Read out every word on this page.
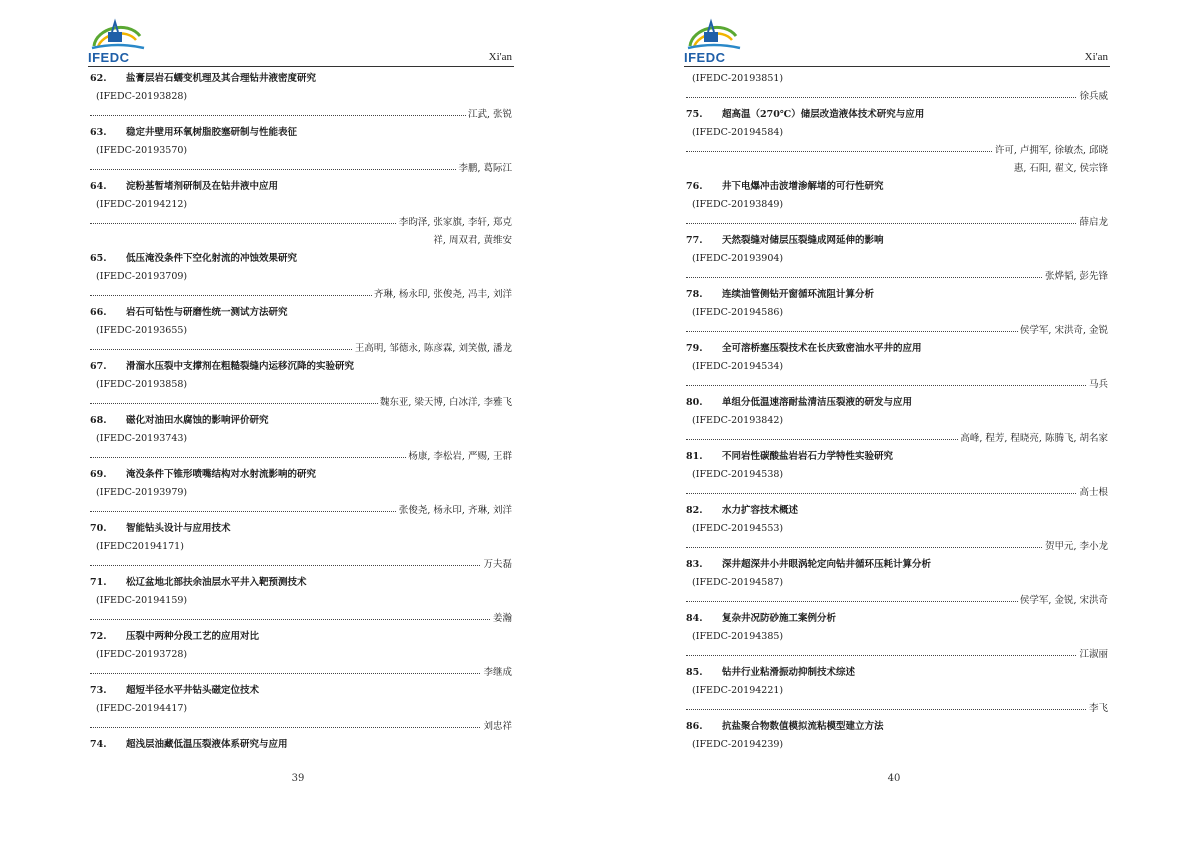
IFEDC	Xi'an
62. 盐膏层岩石蠕变机理及其合理钻井液密度研究
(IFEDC-20193828)
江武, 张锐
63. 稳定井壁用环氧树脂胶塞研制与性能表征
(IFEDC-20193570)
李鹏, 葛际江
64. 淀粉基暂堵剂研制及在钻井液中应用
(IFEDC-20194212)
李昀泽, 张家旗, 李轩, 郑克
祥, 周双君, 黄维安
65. 低压淹没条件下空化射流的冲蚀效果研究
(IFEDC-20193709)
齐琳, 杨永印, 张俊尧, 冯丰, 刘洋
66. 岩石可钻性与研磨性统一测试方法研究
(IFEDC-20193655)
王高明, 邹德永, 陈彦霖, 刘笑傲, 潘龙
67. 滑溜水压裂中支撑剂在粗糙裂缝内运移沉降的实验研究
(IFEDC-20193858)
魏东亚, 梁天博, 白冰洋, 李雅飞
68. 磁化对油田水腐蚀的影响评价研究
(IFEDC-20193743)
杨康, 李松岩, 严赐, 王群
69. 淹没条件下锥形喷嘴结构对水射流影响的研究
(IFEDC-20193979)
张俊尧, 杨永印, 齐琳, 刘洋
70. 智能钻头设计与应用技术
(IFEDC20194171)
万夫磊
71. 松辽盆地北部扶余油层水平井入靶预测技术
(IFEDC-20194159)
姜瀚
72. 压裂中两种分段工艺的应用对比
(IFEDC-20193728)
李继成
73. 超短半径水平井钻头磁定位技术
(IFEDC-20194417)
刘忠祥
74. 超浅层油藏低温压裂液体系研究与应用
39
IFEDC	Xi'an
(IFEDC-20193851)
徐兵威
75. 超高温（270℃）储层改造液体技术研究与应用
(IFEDC-20194584)
许可, 卢拥军, 徐敏杰, 邱晓
惠, 石阳, 翟文, 侯宗锋
76. 井下电爆冲击波增渗解堵的可行性研究
(IFEDC-20193849)
薛启龙
77. 天然裂缝对储层压裂缝成网延伸的影响
(IFEDC-20193904)
张烨韬, 彭先锋
78. 连续油管侧钻开窗循环流阻计算分析
(IFEDC-20194586)
侯学军, 宋洪奇, 金锐
79. 全可溶桥塞压裂技术在长庆致密油水平井的应用
(IFEDC-20194534)
马兵
80. 单组分低温速溶耐盐清洁压裂液的研发与应用
(IFEDC-20193842)
高峰, 程芳, 程晓亮, 陈腾飞, 胡名家
81. 不同岩性碳酸盐岩岩石力学特性实验研究
(IFEDC-20194538)
高士根
82. 水力扩容技术概述
(IFEDC-20194553)
贺甲元, 李小龙
83. 深井超深井小井眼涡轮定向钻井循环压耗计算分析
(IFEDC-20194587)
侯学军, 金锐, 宋洪奇
84. 复杂井况防砂施工案例分析
(IFEDC-20194385)
江淑丽
85. 钻井行业粘滑振动抑制技术综述
(IFEDC-20194221)
李飞
86. 抗盐聚合物数值模拟流粘模型建立方法
(IFEDC-20194239)
40
